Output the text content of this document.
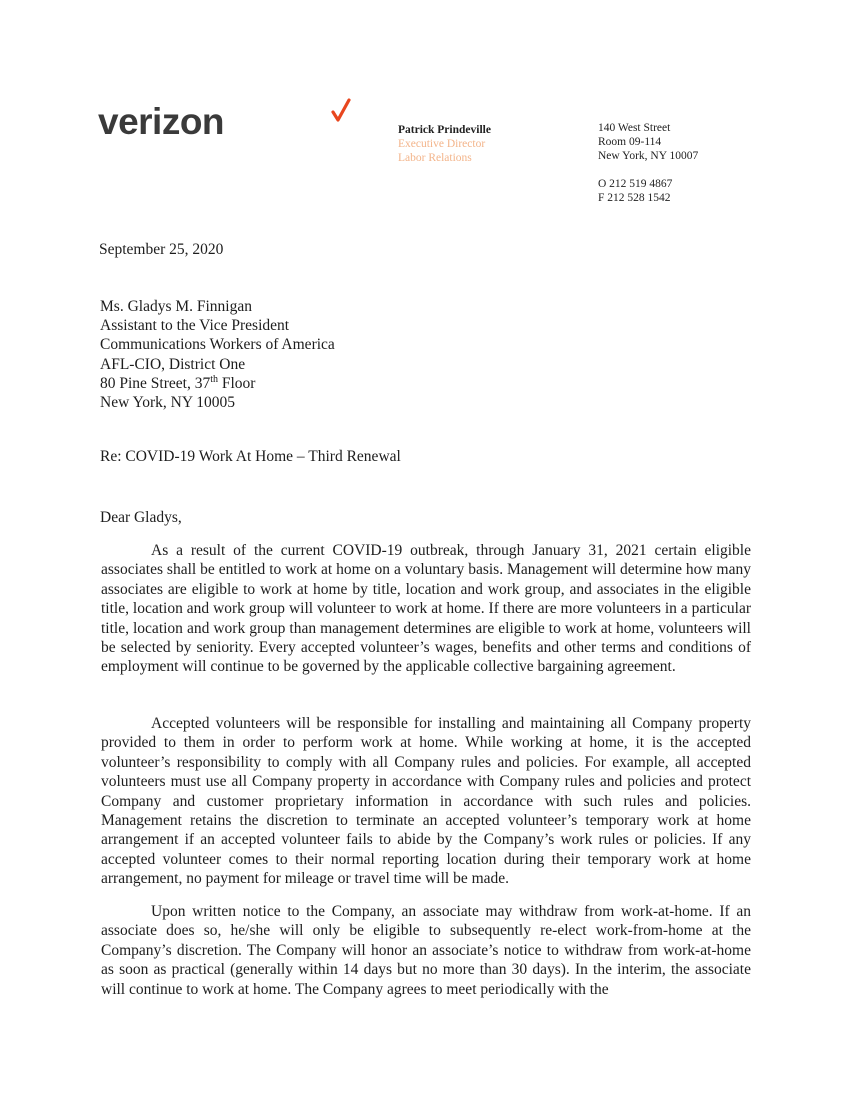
verizon	Patrick Prindeville
Executive Director
Labor Relations
140 West Street
Room 09-114
New York, NY 10007
O 212 519 4867
F 212 528 1542
September 25, 2020
Ms. Gladys M. Finnigan
Assistant to the Vice President
Communications Workers of America
AFL-CIO, District One
80 Pine Street, 37th Floor
New York, NY 10005
Re: COVID-19 Work At Home – Third Renewal
Dear Gladys,

As a result of the current COVID-19 outbreak, through January 31, 2021 certain eligible associates shall be entitled to work at home on a voluntary basis. Management will determine how many associates are eligible to work at home by title, location and work group, and associates in the eligible title, location and work group will volunteer to work at home. If there are more volunteers in a particular title, location and work group than management determines are eligible to work at home, volunteers will be selected by seniority. Every accepted volunteer’s wages, benefits and other terms and conditions of employment will continue to be governed by the applicable collective bargaining agreement.

Accepted volunteers will be responsible for installing and maintaining all Company property provided to them in order to perform work at home. While working at home, it is the accepted volunteer’s responsibility to comply with all Company rules and policies. For example, all accepted volunteers must use all Company property in accordance with Company rules and policies and protect Company and customer proprietary information in accordance with such rules and policies. Management retains the discretion to terminate an accepted volunteer’s temporary work at home arrangement if an accepted volunteer fails to abide by the Company’s work rules or policies. If any accepted volunteer comes to their normal reporting location during their temporary work at home arrangement, no payment for mileage or travel time will be made.

Upon written notice to the Company, an associate may withdraw from work-at-home. If an associate does so, he/she will only be eligible to subsequently re-elect work-from-home at the Company’s discretion. The Company will honor an associate’s notice to withdraw from work-at-home as soon as practical (generally within 14 days but no more than 30 days). In the interim, the associate will continue to work at home. The Company agrees to meet periodically with the
